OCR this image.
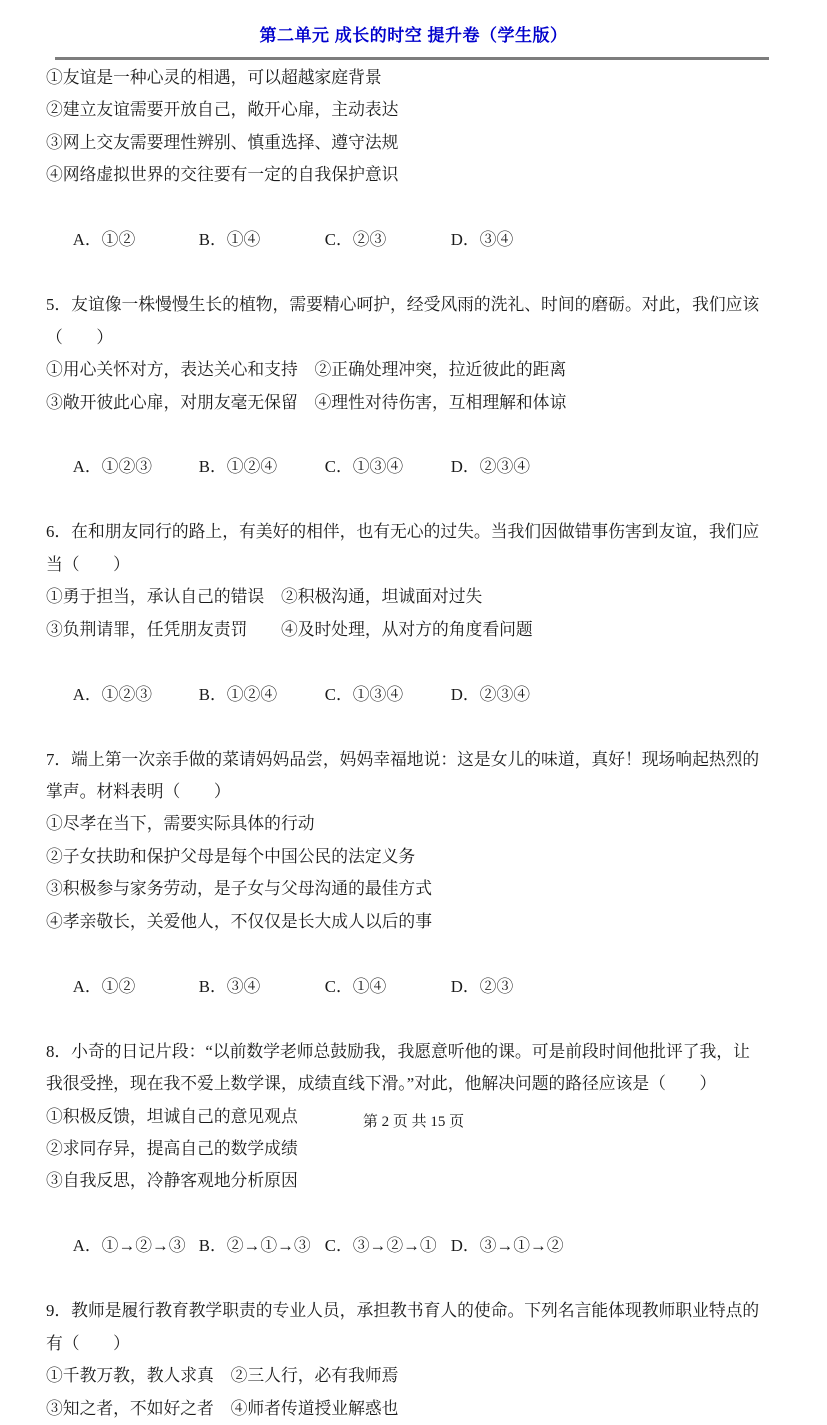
第二单元 成长的时空 提升卷（学生版）
①友谊是一种心灵的相遇，可以超越家庭背景
②建立友谊需要开放自己，敞开心扉，主动表达
③网上交友需要理性辨别、慎重选择、遵守法规
④网络虚拟世界的交往要有一定的自我保护意识

A．①②	B．①④	C．②③	D．③④

5．友谊像一株慢慢生长的植物，需要精心呵护，经受风雨的洗礼、时间的磨砺。对此，我们应该
（　　）
①用心关怀对方，表达关心和支持　②正确处理冲突，拉近彼此的距离
③敞开彼此心扉，对朋友毫无保留　④理性对待伤害，互相理解和体谅

A．①②③	B．①②④	C．①③④	D．②③④

6．在和朋友同行的路上，有美好的相伴，也有无心的过失。当我们因做错事伤害到友谊，我们应
当（　　）
①勇于担当，承认自己的错误　②积极沟通，坦诚面对过失
③负荆请罪，任凭朋友责罚　　④及时处理，从对方的角度看问题

A．①②③	B．①②④	C．①③④	D．②③④

7．端上第一次亲手做的菜请妈妈品尝，妈妈幸福地说：这是女儿的味道，真好！现场响起热烈的
掌声。材料表明（　　）
①尽孝在当下，需要实际具体的行动
②子女扶助和保护父母是每个中国公民的法定义务
③积极参与家务劳动，是子女与父母沟通的最佳方式
④孝亲敬长，关爱他人，不仅仅是长大成人以后的事

A．①②	B．③④	C．①④	D．②③

8．小奇的日记片段：“以前数学老师总鼓励我，我愿意听他的课。可是前段时间他批评了我，让
我很受挫，现在我不爱上数学课，成绩直线下滑。”对此，他解决问题的路径应该是（　　）
①积极反馈，坦诚自己的意见观点
②求同存异，提高自己的数学成绩
③自我反思，冷静客观地分析原因

A．①→②→③ B．②→①→③ C．③→②→① D．③→①→②

9．教师是履行教育教学职责的专业人员，承担教书育人的使命。下列名言能体现教师职业特点的
有（　　）
①千教万教，教人求真　②三人行，必有我师焉
③知之者，不如好之者　④师者传道授业解惑也
第 2 页 共 15 页
